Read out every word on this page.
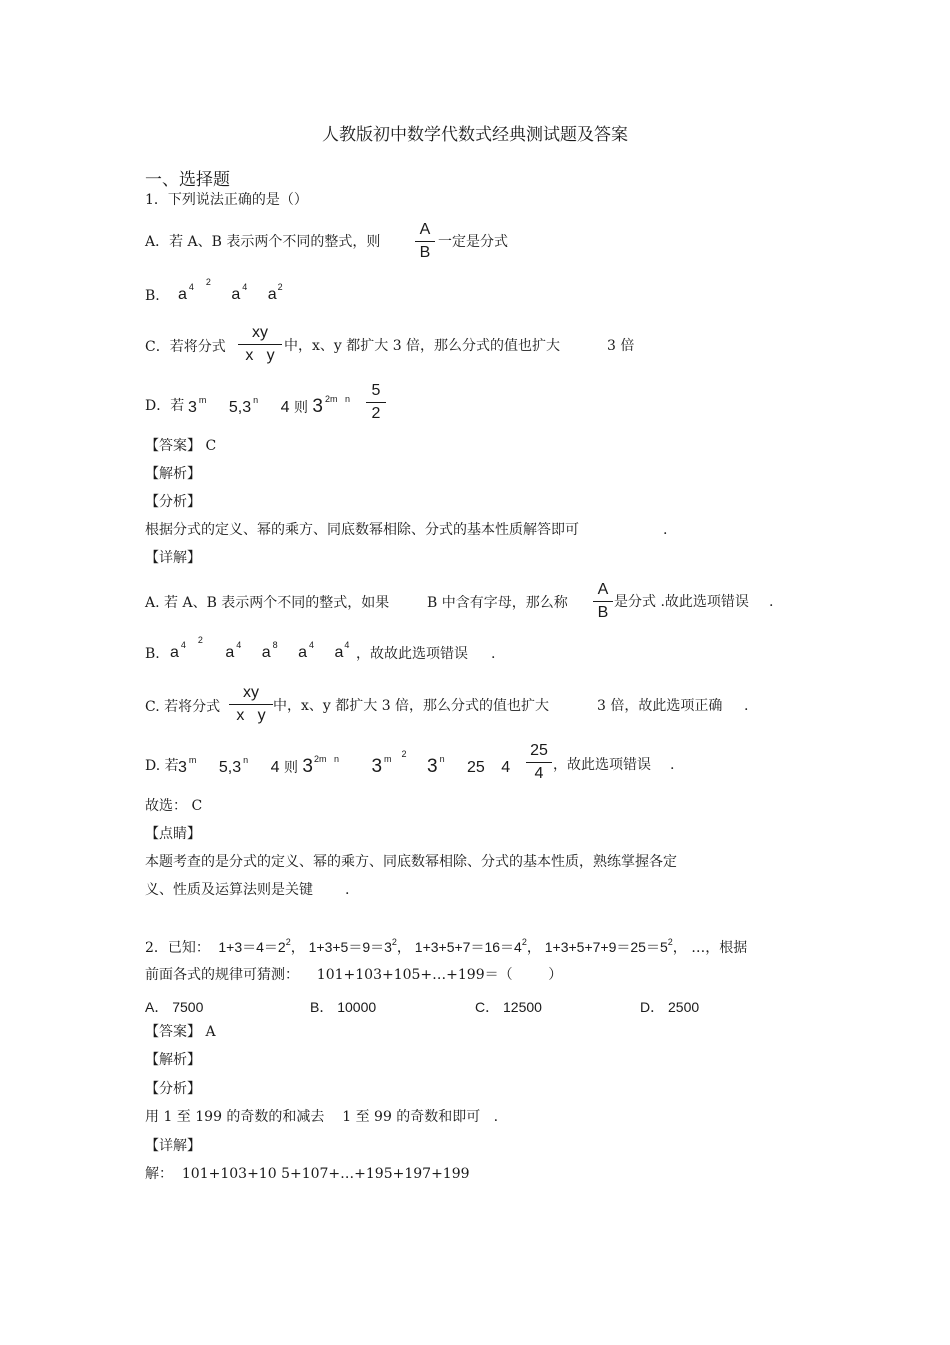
人教版初中数学代数式经典测试题及答案
一、选择题
1．下列说法正确的是（）
A．若 A、B 表示两个不同的整式，则
A
B
一定是分式
B. a $^4$ $^2$ a $^4$ $a^2$
C．若将分式
xy
x   y
中，x、y 都扩大 3 倍，那么分式的值也扩大	3 倍
D．若 3 $^m$ 5,3 $^n$ 4 则 3 $^{2m n}$	5
2
【答案】 C
【解析】
【分析】
根据分式的定义、幂的乘方、同底数幂相除、分式的基本性质解答即可	.
【详解】
A. 若 A、B 表示两个不同的整式，如果	B 中含有字母，那么称
A
B
是分式 .故此选项错误 .
B. a $^4$ $^2$ a $^4$ a $^8$ a $^4$ $a^4$
，故故此选项错误 .
C. 若将分式
xy
x   y
中，x、y 都扩大 3 倍，那么分式的值也扩大	3 倍，故此选项正确 .
D. 若 3 $^m$ 5,3 $^n$ 4 则 $3^{2m n}$ 3 $^m$ $^2$ 3 $^n$ 25 4
25
4 ，故此选项错误 .
故选： C
【点睛】
本题考查的是分式的定义、幂的乘方、同底数幂相除、分式的基本性质，熟练掌握各定
义、性质及运算法则是关键 .
2．已知： $1+3=4=2^2$， $1+3+5=9=3^2$， $1+3+5+7=16=4^2$， $1+3+5+7+9=25=5^2$， …，根据
前面各式的规律可猜测：    101+103+105+…+199＝（        ）
A． 7500	B． 10000	C． 12500	D． 2500
【答案】 A
【解析】
【分析】
用 1 至 199 的奇数的和减去    1 至 99 的奇数和即可   .
【详解】
解：  101+103+10 5+107+…+195+197+199
